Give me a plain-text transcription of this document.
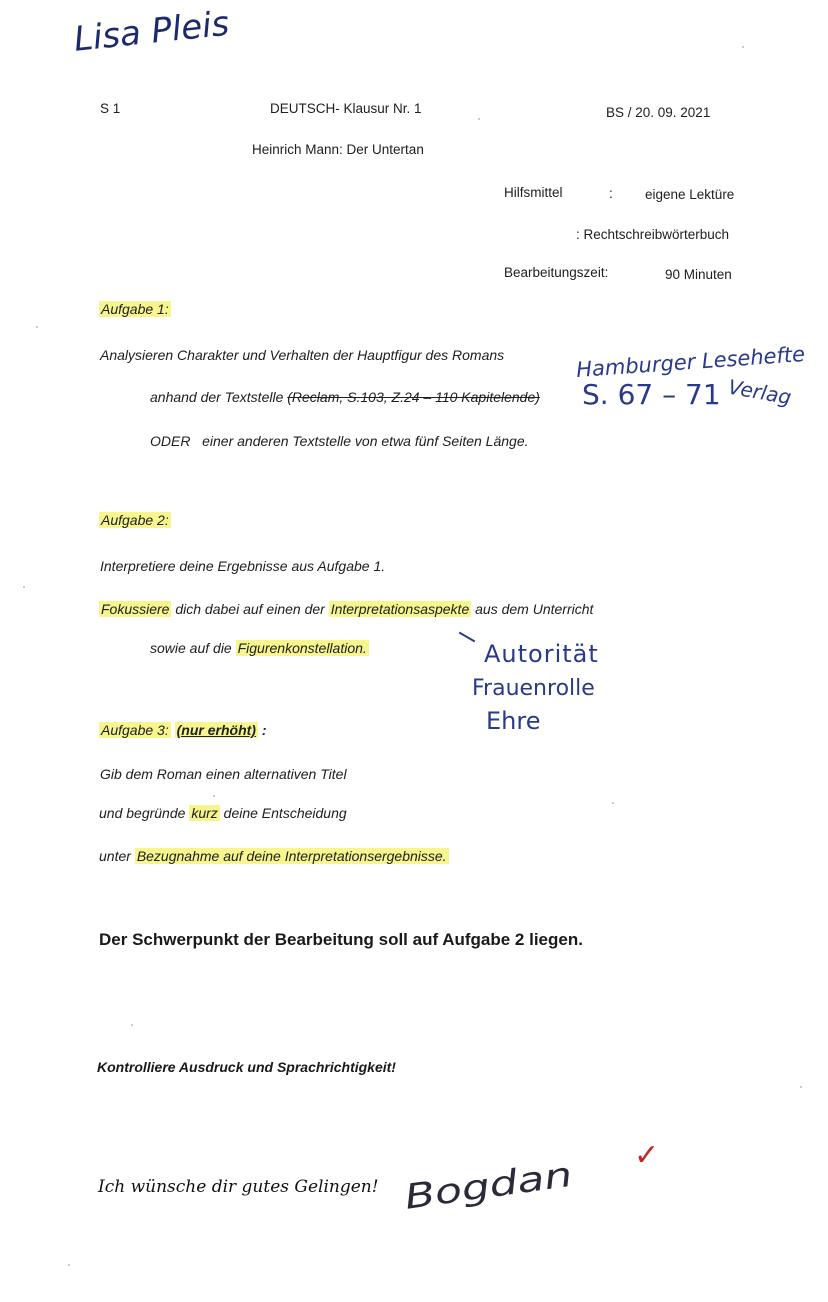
Lisa Pleis
S 1	DEUTSCH- Klausur Nr. 1	BS / 20. 09. 2021
Heinrich Mann: Der Untertan
Hilfsmittel	: eigene Lektüre
: Rechtschreibwörterbuch
Bearbeitungszeit:	90 Minuten
Aufgabe 1:
Analysieren Charakter und Verhalten der Hauptfigur des Romans
anhand der Textstelle (Reclam, S.103, Z.24 – 110 Kapitelende)
ODER einer anderen Textstelle von etwa fünf Seiten Länge.
Hamburger Lesehefte
S. 67 – 71 Verlag
Aufgabe 2:
Interpretiere deine Ergebnisse aus Aufgabe 1.
Fokussiere dich dabei auf einen der Interpretationsaspekte aus dem Unterricht
sowie auf die Figurenkonstellation.	Autorität
Frauenrolle
Ehre
Aufgabe 3: (nur erhöht) :
Gib dem Roman einen alternativen Titel
und begründe kurz deine Entscheidung
unter Bezugnahme auf deine Interpretationsergebnisse.
Der Schwerpunkt der Bearbeitung soll auf Aufgabe 2 liegen.
Kontrolliere Ausdruck und Sprachrichtigkeit!
Ich wünsche dir gutes Gelingen! Bogdan ✓
